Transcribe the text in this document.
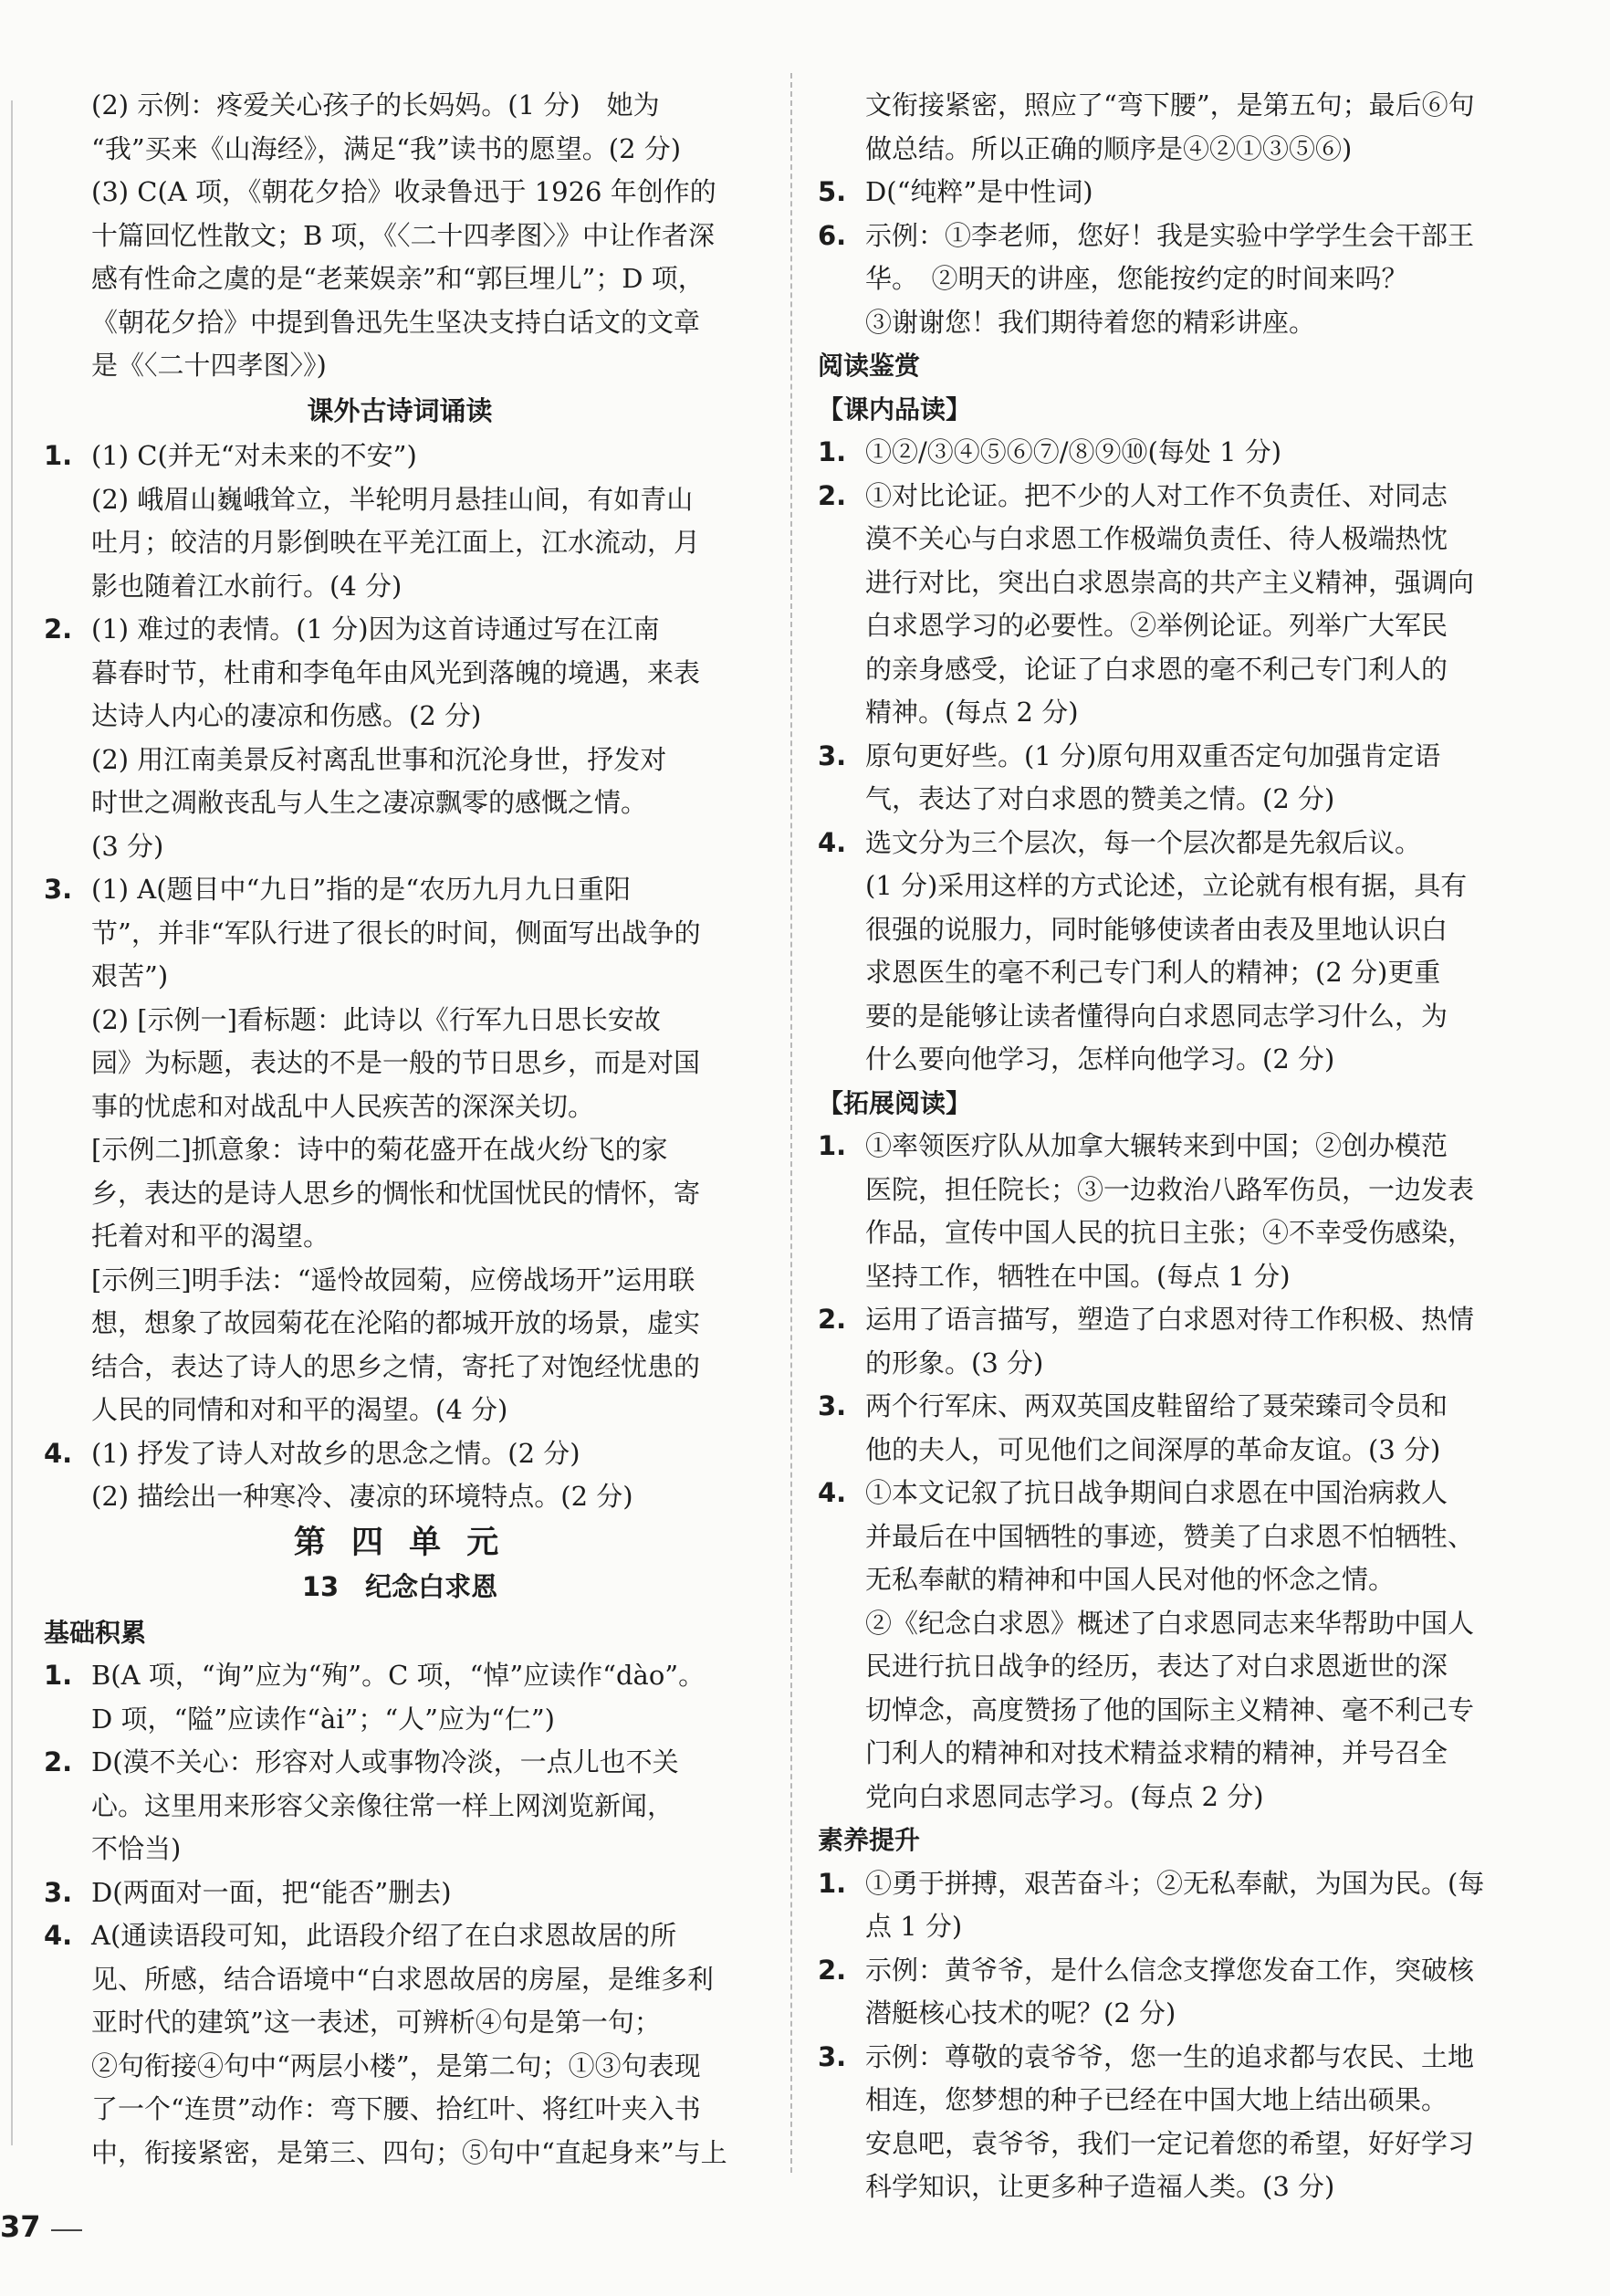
(2) 示例：疼爱关心孩子的长妈妈。(1 分)　她为
“我”买来《山海经》，满足“我”读书的愿望。(2 分)
(3) C(A 项，《朝花夕拾》收录鲁迅于 1926 年创作的
十篇回忆性散文；B 项，《〈二十四孝图〉》中让作者深
感有性命之虞的是“老莱娱亲”和“郭巨埋儿”；D 项，
《朝花夕拾》中提到鲁迅先生坚决支持白话文的文章
是《〈二十四孝图〉》)
课外古诗词诵读
1. (1) C(并无“对未来的不安”)
(2) 峨眉山巍峨耸立，半轮明月悬挂山间，有如青山
吐月；皎洁的月影倒映在平羌江面上，江水流动，月
影也随着江水前行。(4 分)
2. (1) 难过的表情。(1 分)因为这首诗通过写在江南
暮春时节，杜甫和李龟年由风光到落魄的境遇，来表
达诗人内心的凄凉和伤感。(2 分)
(2) 用江南美景反衬离乱世事和沉沦身世，抒发对
时世之凋敝丧乱与人生之凄凉飘零的感慨之情。
(3 分)
3. (1) A(题目中“九日”指的是“农历九月九日重阳
节”，并非“军队行进了很长的时间，侧面写出战争的
艰苦”)
(2) [示例一]看标题：此诗以《行军九日思长安故
园》为标题，表达的不是一般的节日思乡，而是对国
事的忧虑和对战乱中人民疾苦的深深关切。
[示例二]抓意象：诗中的菊花盛开在战火纷飞的家
乡，表达的是诗人思乡的惆怅和忧国忧民的情怀，寄
托着对和平的渴望。
[示例三]明手法：“遥怜故园菊，应傍战场开”运用联
想，想象了故园菊花在沦陷的都城开放的场景，虚实
结合，表达了诗人的思乡之情，寄托了对饱经忧患的
人民的同情和对和平的渴望。(4 分)
4. (1) 抒发了诗人对故乡的思念之情。(2 分)
(2) 描绘出一种寒冷、凄凉的环境特点。(2 分)
第 四 单 元
13　纪念白求恩
基础积累
1. B(A 项，“询”应为“殉”。C 项，“悼”应读作“dào”。
D 项，“隘”应读作“ài”；“人”应为“仁”)
2. D(漠不关心：形容对人或事物冷淡，一点儿也不关
心。这里用来形容父亲像往常一样上网浏览新闻，
不恰当)
3. D(两面对一面，把“能否”删去)
4. A(通读语段可知，此语段介绍了在白求恩故居的所
见、所感，结合语境中“白求恩故居的房屋，是维多利
亚时代的建筑”这一表述，可辨析④句是第一句；
②句衔接④句中“两层小楼”，是第二句；①③句表现
了一个“连贯”动作：弯下腰、拾红叶、将红叶夹入书
中，衔接紧密，是第三、四句；⑤句中“直起身来”与上
文衔接紧密，照应了“弯下腰”，是第五句；最后⑥句
做总结。所以正确的顺序是④②①③⑤⑥)
5. D(“纯粹”是中性词)
6. 示例：①李老师，您好！我是实验中学学生会干部王
华。　②明天的讲座，您能按约定的时间来吗？
③谢谢您！我们期待着您的精彩讲座。
阅读鉴赏
【课内品读】
1. ①②/③④⑤⑥⑦/⑧⑨⑩(每处 1 分)
2. ①对比论证。把不少的人对工作不负责任、对同志
漠不关心与白求恩工作极端负责任、待人极端热忱
进行对比，突出白求恩崇高的共产主义精神，强调向
白求恩学习的必要性。②举例论证。列举广大军民
的亲身感受，论证了白求恩的毫不利己专门利人的
精神。(每点 2 分)
3. 原句更好些。(1 分)原句用双重否定句加强肯定语
气，表达了对白求恩的赞美之情。(2 分)
4. 选文分为三个层次，每一个层次都是先叙后议。
(1 分)采用这样的方式论述，立论就有根有据，具有
很强的说服力，同时能够使读者由表及里地认识白
求恩医生的毫不利己专门利人的精神；(2 分)更重
要的是能够让读者懂得向白求恩同志学习什么，为
什么要向他学习，怎样向他学习。(2 分)
【拓展阅读】
1. ①率领医疗队从加拿大辗转来到中国；②创办模范
医院，担任院长；③一边救治八路军伤员，一边发表
作品，宣传中国人民的抗日主张；④不幸受伤感染，
坚持工作，牺牲在中国。(每点 1 分)
2. 运用了语言描写，塑造了白求恩对待工作积极、热情
的形象。(3 分)
3. 两个行军床、两双英国皮鞋留给了聂荣臻司令员和
他的夫人，可见他们之间深厚的革命友谊。(3 分)
4. ①本文记叙了抗日战争期间白求恩在中国治病救人
并最后在中国牺牲的事迹，赞美了白求恩不怕牺牲、
无私奉献的精神和中国人民对他的怀念之情。
②《纪念白求恩》概述了白求恩同志来华帮助中国人
民进行抗日战争的经历，表达了对白求恩逝世的深
切悼念，高度赞扬了他的国际主义精神、毫不利己专
门利人的精神和对技术精益求精的精神，并号召全
党向白求恩同志学习。(每点 2 分)
素养提升
1. ①勇于拼搏，艰苦奋斗；②无私奉献，为国为民。(每
点 1 分)
2. 示例：黄爷爷，是什么信念支撑您发奋工作，突破核
潜艇核心技术的呢？(2 分)
3. 示例：尊敬的袁爷爷，您一生的追求都与农民、土地
相连，您梦想的种子已经在中国大地上结出硕果。
安息吧，袁爷爷，我们一定记着您的希望，好好学习
科学知识，让更多种子造福人类。(3 分)
37
